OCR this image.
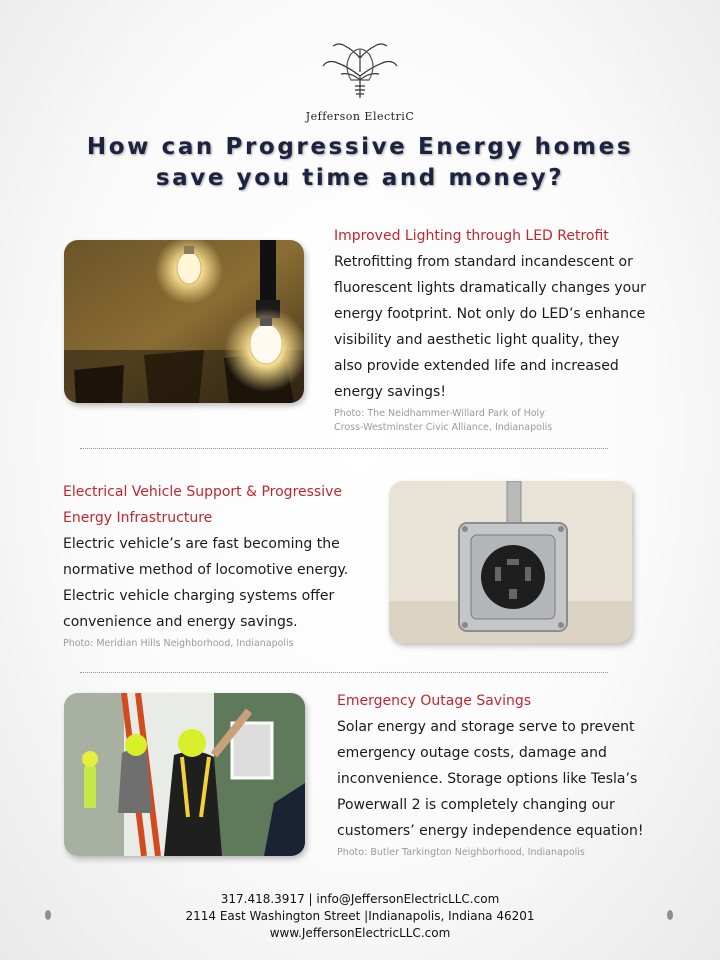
Jefferson ElectriC
How can Progressive Energy homes
save you time and money?
Improved Lighting through LED Retrofit
Retrofitting from standard incandescent or fluorescent lights dramatically changes your energy footprint. Not only do LED’s enhance visibility and aesthetic light quality, they also provide extended life and increased energy savings!
Photo: The Neidhammer-Willard Park of Holy Cross-Westminster Civic Alliance, Indianapolis
Electrical Vehicle Support & Progressive Energy Infrastructure
Electric vehicle’s are fast becoming the normative method of locomotive energy. Electric vehicle charging systems offer convenience and energy savings.
Photo: Meridian Hills Neighborhood, Indianapolis
Emergency Outage Savings
Solar energy and storage serve to prevent emergency outage costs, damage and inconvenience. Storage options like Tesla’s Powerwall 2 is completely changing our customers’ energy independence equation!
Photo: Butler Tarkington Neighborhood, Indianapolis
317.418.3917 | info@JeffersonElectricLLC.com
2114 East Washington Street |Indianapolis, Indiana 46201
www.JeffersonElectricLLC.com
